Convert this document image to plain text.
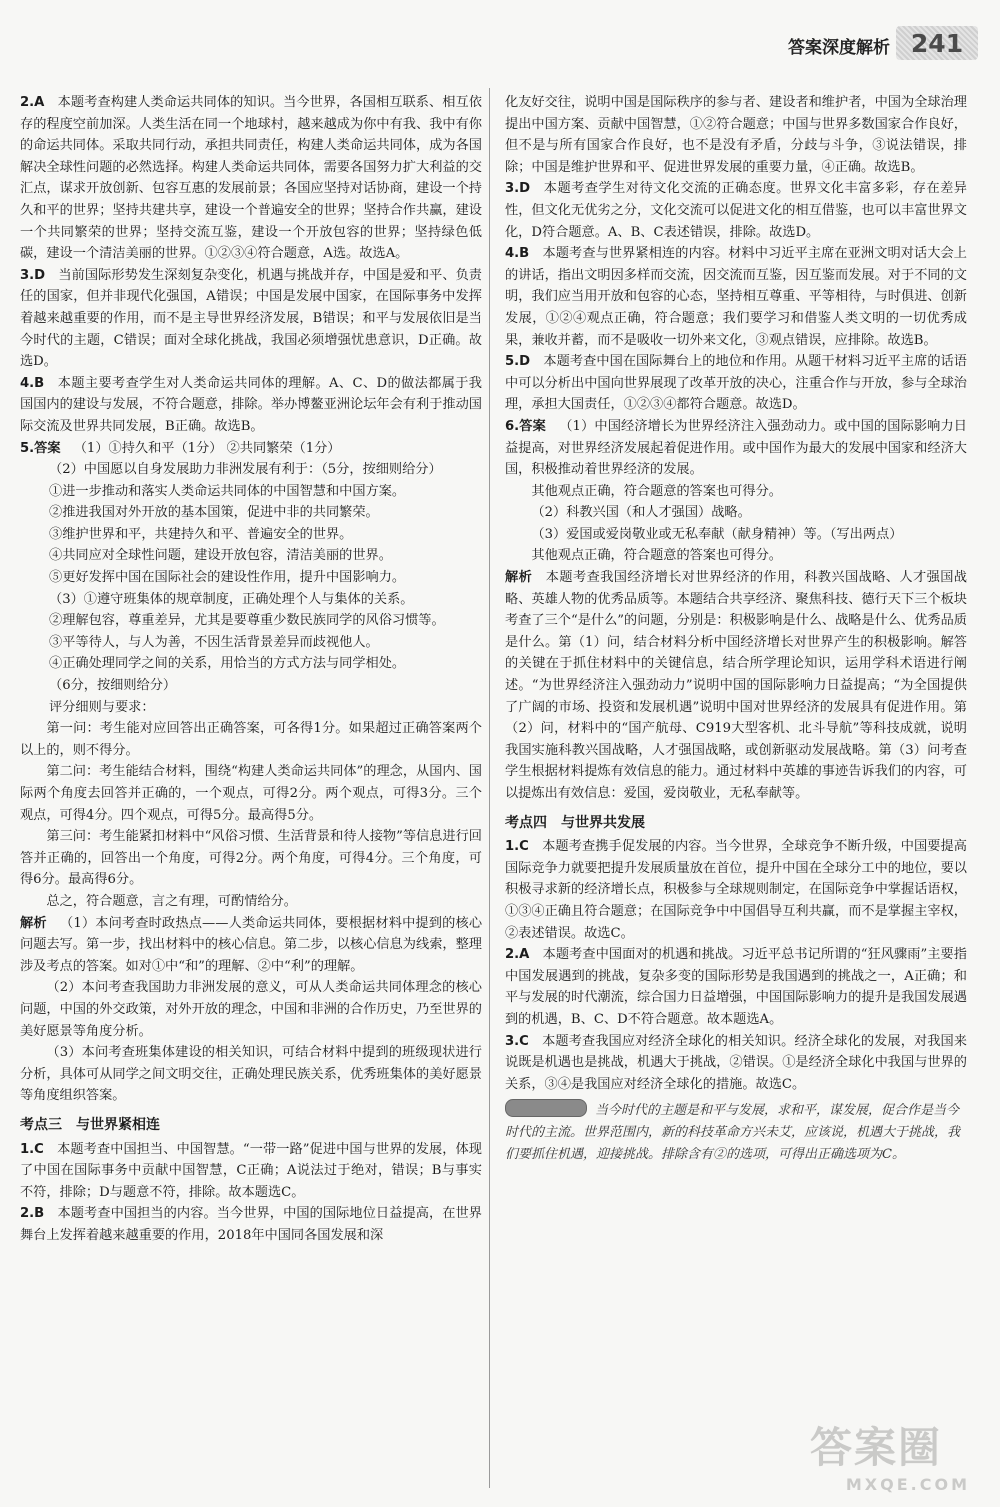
答案深度解析 241

2.A  本题考查构建人类命运共同体的知识。当今世界，各国相互联系、相互依存的程度空前加深。人类生活在同一个地球村，越来越成为你中有我、我中有你的命运共同体。采取共同行动，承担共同责任，构建人类命运共同体，成为各国解决全球性问题的必然选择。构建人类命运共同体，需要各国努力扩大利益的交汇点，谋求开放创新、包容互惠的发展前景；各国应坚持对话协商，建设一个持久和平的世界；坚持共建共享，建设一个普遍安全的世界；坚持合作共赢，建设一个共同繁荣的世界；坚持交流互鉴，建设一个开放包容的世界；坚持绿色低碳，建设一个清洁美丽的世界。①②③④符合题意，A选。故选A。

3.D  当前国际形势发生深刻复杂变化，机遇与挑战并存，中国是爱和平、负责任的国家，但并非现代化强国，A错误；中国是发展中国家，在国际事务中发挥着越来越重要的作用，而不是主导世界经济发展，B错误；和平与发展依旧是当今时代的主题，C错误；面对全球化挑战，我国必须增强忧患意识，D正确。故选D。

4.B  本题主要考查学生对人类命运共同体的理解。A、C、D的做法都属于我国国内的建设与发展，不符合题意，排除。举办博鳌亚洲论坛年会有利于推动国际交流及世界共同发展，B正确。故选B。

5.答案  （1）①持久和平（1分） ②共同繁荣（1分）

（2）中国愿以自身发展助力非洲发展有利于：（5分，按细则给分）

①进一步推动和落实人类命运共同体的中国智慧和中国方案。

②推进我国对外开放的基本国策，促进中非的共同繁荣。

③维护世界和平，共建持久和平、普遍安全的世界。

④共同应对全球性问题，建设开放包容，清洁美丽的世界。

⑤更好发挥中国在国际社会的建设性作用，提升中国影响力。

（3）①遵守班集体的规章制度，正确处理个人与集体的关系。

②理解包容，尊重差异，尤其是要尊重少数民族同学的风俗习惯等。

③平等待人，与人为善，不因生活背景差异而歧视他人。

④正确处理同学之间的关系，用恰当的方式方法与同学相处。

（6分，按细则给分）

评分细则与要求：

第一问：考生能对应回答出正确答案，可各得1分。如果超过正确答案两个以上的，则不得分。

第二问：考生能结合材料，围绕“构建人类命运共同体”的理念，从国内、国际两个角度去回答并正确的，一个观点，可得2分。两个观点，可得3分。三个观点，可得4分。四个观点，可得5分。最高得5分。

第三问：考生能紧扣材料中“风俗习惯、生活背景和待人接物”等信息进行回答并正确的，回答出一个角度，可得2分。两个角度，可得4分。三个角度，可得6分。最高得6分。

总之，符合题意，言之有理，可酌情给分。

解析  （1）本问考查时政热点——人类命运共同体，要根据材料中提到的核心问题去写。第一步，找出材料中的核心信息。第二步，以核心信息为线索，整理涉及考点的答案。如对①中“和”的理解、②中“利”的理解。

（2）本问考查我国助力非洲发展的意义，可从人类命运共同体理念的核心问题，中国的外交政策，对外开放的理念，中国和非洲的合作历史，乃至世界的美好愿景等角度分析。

（3）本问考查班集体建设的相关知识，可结合材料中提到的班级现状进行分析，具体可从同学之间文明交往，正确处理民族关系，优秀班集体的美好愿景等角度组织答案。

考点三　与世界紧相连

1.C  本题考查中国担当、中国智慧。“一带一路”促进中国与世界的发展，体现了中国在国际事务中贡献中国智慧，C正确；A说法过于绝对，错误；B与事实不符，排除；D与题意不符，排除。故本题选C。

2.B  本题考查中国担当的内容。当今世界，中国的国际地位日益提高，在世界舞台上发挥着越来越重要的作用，2018年中国同各国发展和深

化友好交往，说明中国是国际秩序的参与者、建设者和维护者，中国为全球治理提出中国方案、贡献中国智慧，①②符合题意；中国与世界多数国家合作良好，但不是与所有国家合作良好，也不是没有矛盾，分歧与斗争，③说法错误，排除；中国是维护世界和平、促进世界发展的重要力量，④正确。故选B。

3.D  本题考查学生对待文化交流的正确态度。世界文化丰富多彩，存在差异性，但文化无优劣之分，文化交流可以促进文化的相互借鉴，也可以丰富世界文化，D符合题意。A、B、C表述错误，排除。故选D。

4.B  本题考查与世界紧相连的内容。材料中习近平主席在亚洲文明对话大会上的讲话，指出文明因多样而交流，因交流而互鉴，因互鉴而发展。对于不同的文明，我们应当用开放和包容的心态，坚持相互尊重、平等相待，与时俱进、创新发展，①②④观点正确，符合题意；我们要学习和借鉴人类文明的一切优秀成果，兼收并蓄，而不是吸收一切外来文化，③观点错误，应排除。故选B。

5.D  本题考查中国在国际舞台上的地位和作用。从题干材料习近平主席的话语中可以分析出中国向世界展现了改革开放的决心，注重合作与开放，参与全球治理，承担大国责任，①②③④都符合题意。故选D。

6.答案  （1）中国经济增长为世界经济注入强劲动力。或中国的国际影响力日益提高，对世界经济发展起着促进作用。或中国作为最大的发展中国家和经济大国，积极推动着世界经济的发展。

其他观点正确，符合题意的答案也可得分。

（2）科教兴国（和人才强国）战略。

（3）爱国或爱岗敬业或无私奉献（献身精神）等。（写出两点）

其他观点正确，符合题意的答案也可得分。

解析  本题考查我国经济增长对世界经济的作用，科教兴国战略、人才强国战略、英雄人物的优秀品质等。本题结合共享经济、聚焦科技、德行天下三个板块考查了三个“是什么”的问题，分别是：积极影响是什么、战略是什么、优秀品质是什么。第（1）问，结合材料分析中国经济增长对世界产生的积极影响。解答的关键在于抓住材料中的关键信息，结合所学理论知识，运用学科术语进行阐述。“为世界经济注入强劲动力”说明中国的国际影响力日益提高；“为全国提供了广阔的市场、投资和发展机遇”说明中国对世界经济的发展具有促进作用。第（2）问，材料中的“国产航母、C919大型客机、北斗导航”等科技成就，说明我国实施科教兴国战略，人才强国战略，或创新驱动发展战略。第（3）问考查学生根据材料提炼有效信息的能力。通过材料中英雄的事迹告诉我们的内容，可以提炼出有效信息：爱国，爱岗敬业，无私奉献等。

考点四　与世界共发展

1.C  本题考查携手促发展的内容。当今世界，全球竞争不断升级，中国要提高国际竞争力就要把提升发展质量放在首位，提升中国在全球分工中的地位，要以积极寻求新的经济增长点，积极参与全球规则制定，在国际竞争中掌握话语权，①③④正确且符合题意；在国际竞争中中国倡导互利共赢，而不是掌握主宰权，②表述错误。故选C。

2.A  本题考查中国面对的机遇和挑战。习近平总书记所谓的“狂风骤雨”主要指中国发展遇到的挑战，复杂多变的国际形势是我国遇到的挑战之一，A正确；和平与发展的时代潮流，综合国力日益增强，中国国际影响力的提升是我国发展遇到的机遇，B、C、D不符合题意。故本题选A。

3.C  本题考查我国应对经济全球化的相关知识。经济全球化的发展，对我国来说既是机遇也是挑战，机遇大于挑战，②错误。①是经济全球化中我国与世界的关系，③④是我国应对经济全球化的措施。故选C。

当今时代的主题是和平与发展，求和平，谋发展，促合作是当今时代的主流。世界范围内，新的科技革命方兴未艾，应该说，机遇大于挑战，我们要抓住机遇，迎接挑战。排除含有②的选项，可得出正确选项为C。
答案圈
MXQE.COM
